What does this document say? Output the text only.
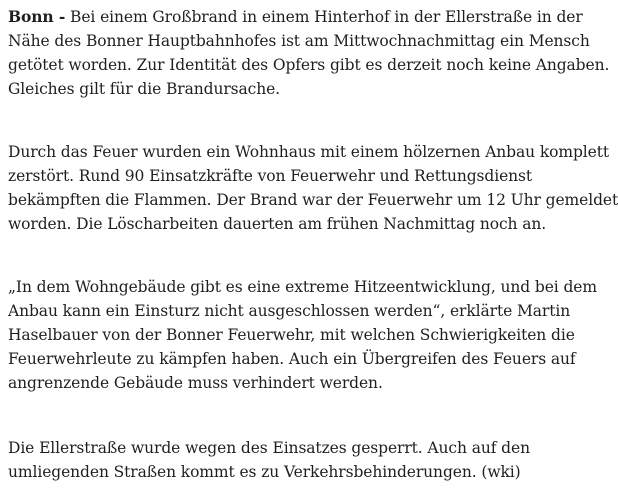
Bonn - Bei einem Großbrand in einem Hinterhof in der Ellerstraße in der
Nähe des Bonner Hauptbahnhofes ist am Mittwochnachmittag ein Mensch
getötet worden. Zur Identität des Opfers gibt es derzeit noch keine Angaben.
Gleiches gilt für die Brandursache.
Durch das Feuer wurden ein Wohnhaus mit einem hölzernen Anbau komplett
zerstört. Rund 90 Einsatzkräfte von Feuerwehr und Rettungsdienst
bekämpften die Flammen. Der Brand war der Feuerwehr um 12 Uhr gemeldet
worden. Die Löscharbeiten dauerten am frühen Nachmittag noch an.
„In dem Wohngebäude gibt es eine extreme Hitzeentwicklung, und bei dem
Anbau kann ein Einsturz nicht ausgeschlossen werden“, erklärte Martin
Haselbauer von der Bonner Feuerwehr, mit welchen Schwierigkeiten die
Feuerwehrleute zu kämpfen haben. Auch ein Übergreifen des Feuers auf
angrenzende Gebäude muss verhindert werden.
Die Ellerstraße wurde wegen des Einsatzes gesperrt. Auch auf den
umliegenden Straßen kommt es zu Verkehrsbehinderungen. (wki)
